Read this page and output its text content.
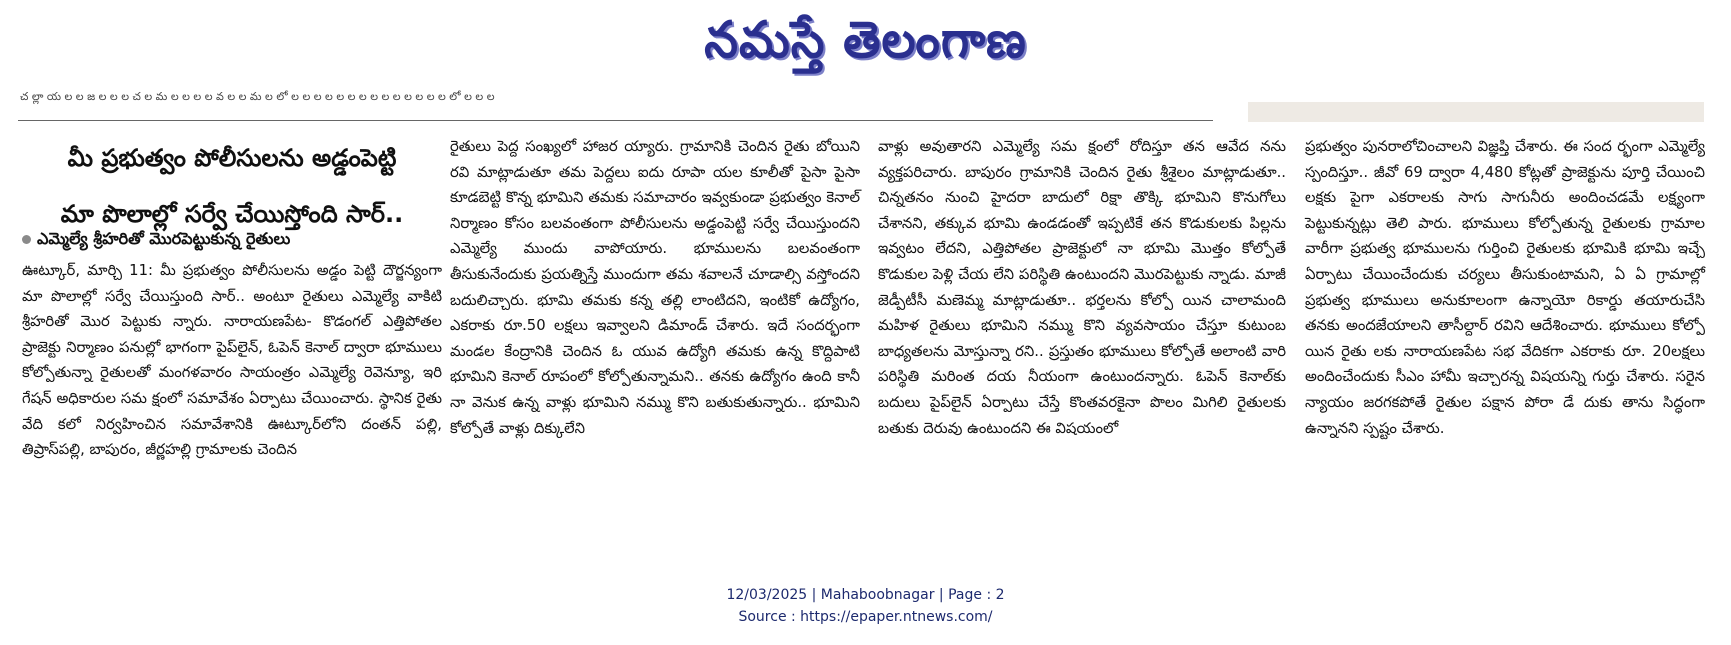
నమస్తే తెలంగాణ
చ ల్లా య ల ల జ ల ల ల చ ల మ ల ల ల ల వ ల ల మ ల లో ల ల ల ల ల ల ల ల ల ల ల ల ల ల లో ల ల ల
మీ ప్రభుత్వం పోలీసులను అడ్డంపెట్టి
మా పొలాల్లో సర్వే చేయిస్తోంది సార్..
ఎమ్మెల్యే శ్రీహరితో మొరపెట్టుకున్న రైతులు

ఊట్కూర్, మార్చి 11: మీ ప్రభుత్వం పోలీసులను అడ్డం పెట్టి దౌర్జన్యంగా మా పొలాల్లో సర్వే చేయిస్తుంది సార్.. అంటూ రైతులు ఎమ్మెల్యే వాకిటి శ్రీహరితో మొర పెట్టుకు న్నారు. నారాయణపేట- కొడంగల్ ఎత్తిపోతల ప్రాజెక్టు నిర్మాణం పనుల్లో భాగంగా పైప్‌లైన్, ఓపెన్ కెనాల్ ద్వారా భూములు కోల్పోతున్నా రైతులతో మంగళవారం సాయంత్రం ఎమ్మెల్యే రెవెన్యూ, ఇరి గేషన్ అధికారుల సమ క్షంలో సమావేశం ఏర్పాటు చేయించారు. స్థానిక రైతు వేది కలో నిర్వహించిన సమావేశానికి ఊట్కూర్‌లోని దంతన్ పల్లి, తిప్రాస్‌పల్లి, బాపురం, జీర్ణహల్లి గ్రామాలకు చెందిన

రైతులు పెద్ద సంఖ్యలో హాజర య్యారు. గ్రామానికి చెందిన రైతు బోయిని రవి మాట్లాడుతూ తమ పెద్దలు ఐదు రూపా యల కూలీతో పైసా పైసా కూడబెట్టి కొన్న భూమిని తమకు సమాచారం ఇవ్వకుండా ప్రభుత్వం కెనాల్ నిర్మాణం కోసం బలవంతంగా పోలీసులను అడ్డంపెట్టి సర్వే చేయిస్తుందని ఎమ్మెల్యే ముందు వాపోయారు. భూములను బలవంతంగా తీసుకునేందుకు ప్రయత్నిస్తే ముందుగా తమ శవాలనే చూడాల్సి వస్తోందని బదులిచ్చారు. భూమి తమకు కన్న తల్లి లాంటిదని, ఇంటికో ఉద్యోగం, ఎకరాకు రూ.50 లక్షలు ఇవ్వాలని డిమాండ్ చేశారు. ఇదే సందర్భంగా మండల కేంద్రానికి చెందిన ఓ యువ ఉద్యోగి తమకు ఉన్న కొద్దిపాటి భూమిని కెనాల్ రూపంలో కోల్పోతున్నామని.. తనకు ఉద్యోగం ఉంది కానీ నా వెనుక ఉన్న వాళ్లు భూమిని నమ్ము కొని బతుకుతున్నారు.. భూమిని కోల్పోతే వాళ్లు దిక్కులేని

వాళ్లు అవుతారని ఎమ్మెల్యే సమ క్షంలో రోదిస్తూ తన ఆవేద నను వ్యక్తపరిచారు. బాపురం గ్రామానికి చెందిన రైతు శ్రీశైలం మాట్లాడుతూ.. చిన్నతనం నుంచి హైదరా బాదులో రిక్షా తొక్కి భూమిని కొనుగోలు చేశానని, తక్కువ భూమి ఉండడంతో ఇప్పటికే తన కొడుకులకు పిల్లను ఇవ్వటం లేదని, ఎత్తిపోతల ప్రాజెక్టులో నా భూమి మొత్తం కోల్పోతే కొడుకుల పెళ్లి చేయ లేని పరిస్థితి ఉంటుందని మొరపెట్టుకు న్నాడు. మాజీ జెడ్పీటీసీ మణెమ్మ మాట్లాడుతూ.. భర్తలను కోల్పో యిన చాలామంది మహిళ రైతులు భూమిని నమ్ము కొని వ్యవసాయం చేస్తూ కుటుంబ బాధ్యతలను మోస్తున్నా రని.. ప్రస్తుతం భూములు కోల్పోతే అలాంటి వారి పరిస్థితి మరింత దయ నీయంగా ఉంటుందన్నారు. ఓపెన్ కెనాల్‌కు బదులు పైప్‌లైన్ ఏర్పాటు చేస్తే కొంతవరకైనా పొలం మిగిలి రైతులకు బతుకు దెరువు ఉంటుందని ఈ విషయంలో

ప్రభుత్వం పునరాలోచించాలని విజ్ఞప్తి చేశారు. ఈ సంద ర్భంగా ఎమ్మెల్యే స్పందిస్తూ.. జీవో 69 ద్వారా 4,480 కోట్లతో ప్రాజెక్టును పూర్తి చేయించి లక్షకు పైగా ఎకరాలకు సాగు సాగునీరు అందించడమే లక్ష్యంగా పెట్టుకున్నట్లు తెలి పారు. భూములు కోల్పోతున్న రైతులకు గ్రామాల వారీగా ప్రభుత్వ భూములను గుర్తించి రైతులకు భూమికి భూమి ఇచ్చే ఏర్పాటు చేయించేందుకు చర్యలు తీసుకుంటామని, ఏ ఏ గ్రామాల్లో ప్రభుత్వ భూములు అనుకూలంగా ఉన్నాయో రికార్డు తయారుచేసి తనకు అందజేయాలని తాసీల్దార్ రవిని ఆదేశించారు. భూములు కోల్పో యిన రైతు లకు నారాయణపేట సభ వేదికగా ఎకరాకు రూ. 20లక్షలు అందించేందుకు సీఎం హామీ ఇచ్చారన్న విషయన్ని గుర్తు చేశారు. సరైన న్యాయం జరగకపోతే రైతుల పక్షాన పోరా డే దుకు తాను సిద్ధంగా ఉన్నానని స్పష్టం చేశారు.

12/03/2025 | Mahaboobnagar | Page : 2
Source : https://epaper.ntnews.com/
